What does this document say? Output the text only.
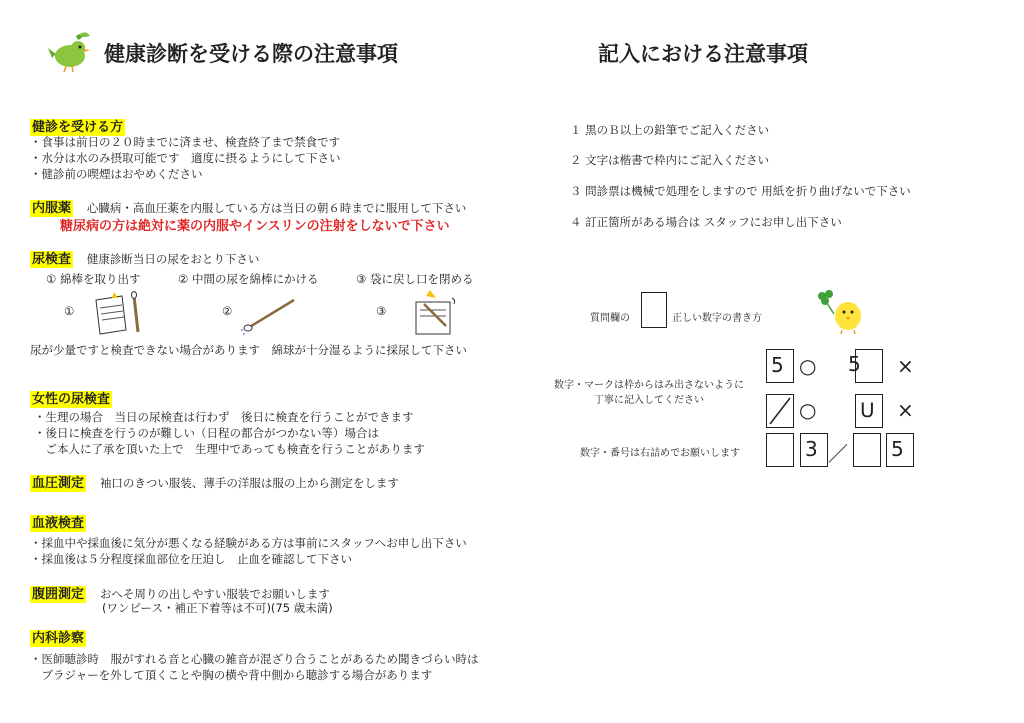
健康診断を受ける際の注意事項
健診を受ける方
・食事は前日の２０時までに済ませ、検査終了まで禁食です
・水分は水のみ摂取可能です　適度に摂るようにして下さい
・健診前の喫煙はおやめください
内服薬 心臓病・高血圧薬を内服している方は当日の朝６時までに服用して下さい
糖尿病の方は絶対に薬の内服やインスリンの注射をしないで下さい
尿検査 健康診断当日の尿をおとり下さい
① 綿棒を取り出す	② 中間の尿を綿棒にかける	③ 袋に戻し口を閉める
①	②	③
尿が少量ですと検査できない場合があります　綿球が十分湿るように採尿して下さい
女性の尿検査
・生理の場合　当日の尿検査は行わず　後日に検査を行うことができます
・後日に検査を行うのが難しい（日程の都合がつかない等）場合は
　ご本人に了承を頂いた上で　生理中であっても検査を行うことがあります
血圧測定 袖口のきつい服装、薄手の洋服は服の上から測定をします
血液検査
・採血中や採血後に気分が悪くなる経験がある方は事前にスタッフへお申し出下さい
・採血後は５分程度採血部位を圧迫し　止血を確認して下さい
腹囲測定 おへそ周りの出しやすい服装でお願いします
(ワンピース・補正下着等は不可)(75 歳未満)
内科診察
・医師聴診時　服がすれる音と心臓の雑音が混ざり合うことがあるため聞きづらい時は
　ブラジャーを外して頂くことや胸の横や背中側から聴診する場合があります
記入における注意事項
１ 黒のＢ以上の鉛筆でご記入ください
２ 文字は楷書で枠内にご記入ください
３ 問診票は機械で処理をしますので 用紙を折り曲げないで下さい
４ 訂正箇所がある場合は スタッフにお申し出下さい
質問欄の	正しい数字の書き方
数字・マークは枠からはみ出さないように
丁寧に記入してください
5 ○ 5 ×
○ ᑌ ×
数字・番号は右詰めでお願いします	3 ／ 5
